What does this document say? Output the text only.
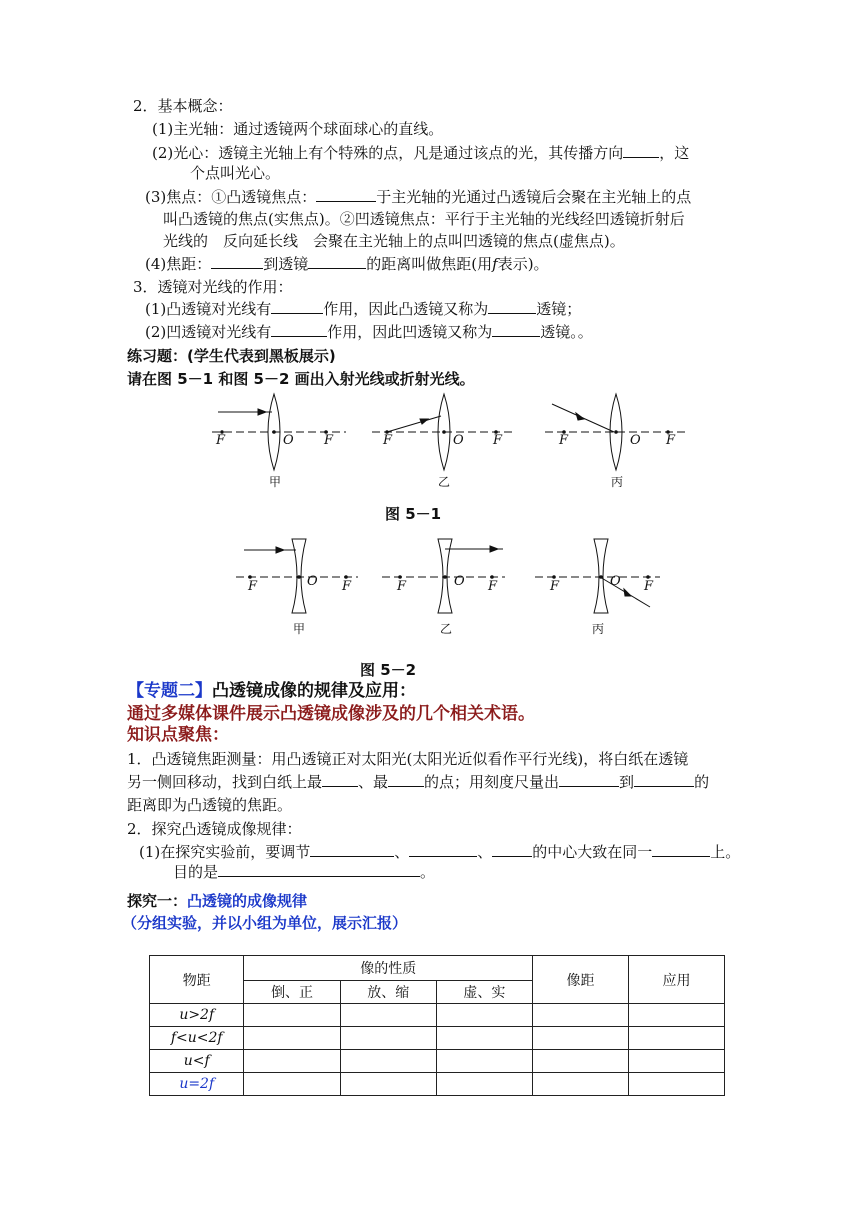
2．基本概念：
(1)主光轴：通过透镜两个球面球心的直线。
(2)光心：透镜主光轴上有个特殊的点，凡是通过该点的光，其传播方向 ，这
个点叫光心。
(3)焦点：①凸透镜焦点：	于主光轴的光通过凸透镜后会聚在主光轴上的点
叫凸透镜的焦点(实焦点)。②凹透镜焦点：平行于主光轴的光线经凹透镜折射后
光线的　反向延长线　会聚在主光轴上的点叫凹透镜的焦点(虚焦点)。
(4)焦距：	到透镜	的距离叫做焦距(用f表示)。
3．透镜对光线的作用：
(1)凸透镜对光线有	作用，因此凸透镜又称为	透镜；
(2)凹透镜对光线有	作用，因此凹透镜又称为	透镜。。
练习题：(学生代表到黑板展示)
请在图 5－1 和图 5－2 画出入射光线或折射光线。
F	O F	F	O F	F	O F
甲	乙	丙
图 5－1
F	O F	F	O F	F	O F
甲	乙	丙
图 5－2
【专题二】凸透镜成像的规律及应用：
通过多媒体课件展示凸透镜成像涉及的几个相关术语。
知识点聚焦：
1．凸透镜焦距测量：用凸透镜正对太阳光(太阳光近似看作平行光线)，将白纸在透镜
另一侧回移动，找到白纸上最 、最 的点；用刻度尺量出	到	的
距离即为凸透镜的焦距。
2．探究凸透镜成像规律：
(1)在探究实验前，要调节	、	、	的中心大致在同一	上。
目的是	。
探究一：凸透镜的成像规律
（分组实验，并以小组为单位，展示汇报）
物距	像的性质			像距	应用
	倒、正	放、缩	虚、实		
u>2f					
f<u<2f					
u<f					
u=2f					
